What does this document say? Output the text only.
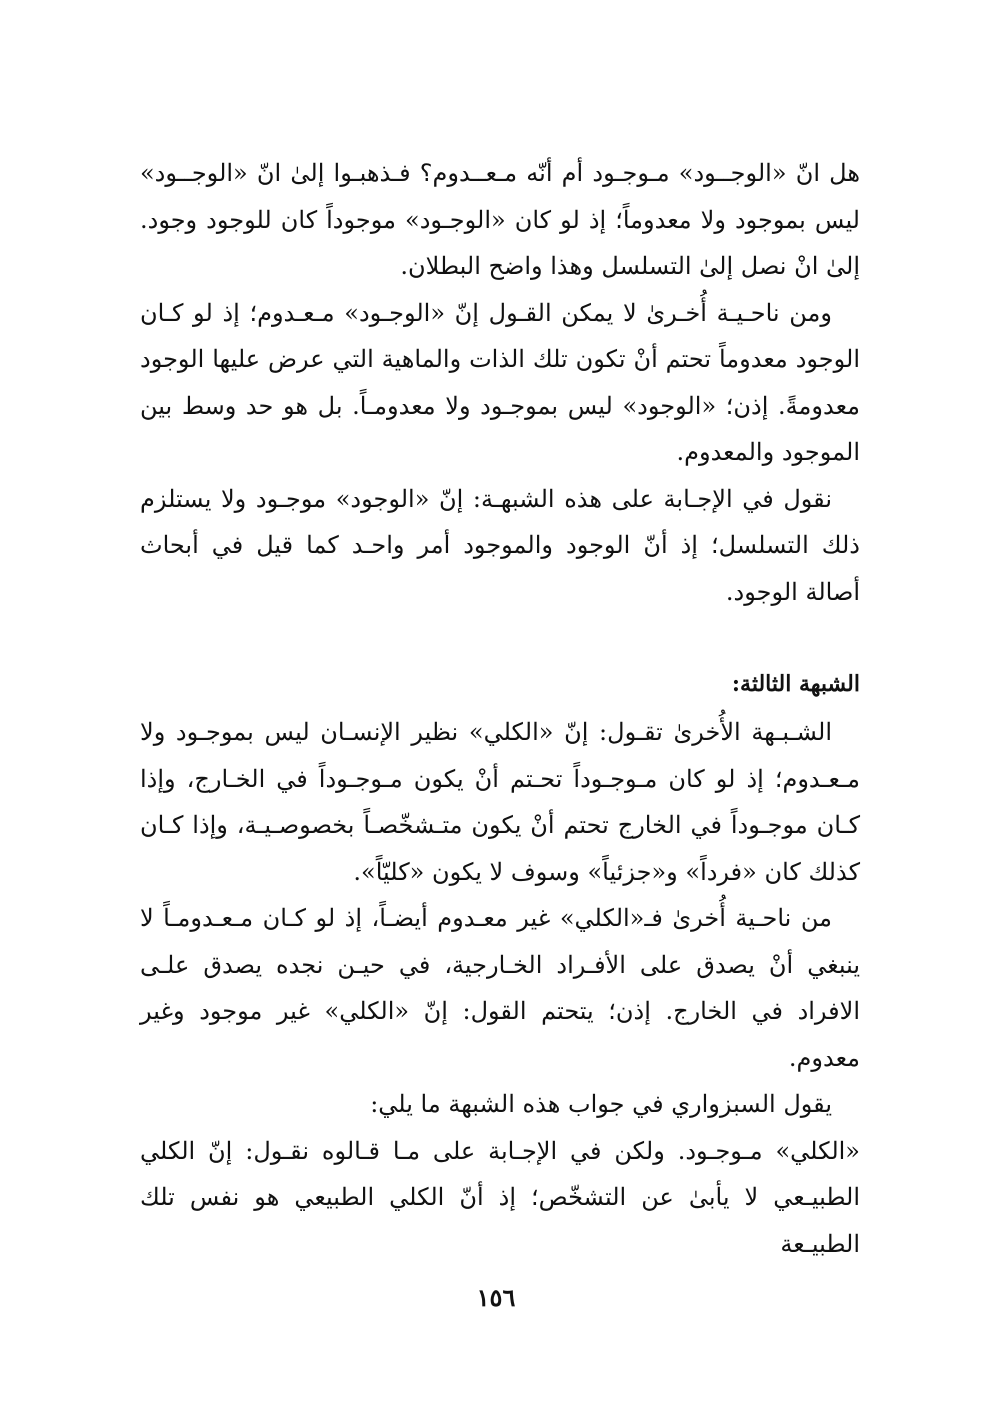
هل انّ «الوجــود» مـوجـود أم أنّه مـعــدوم؟ فـذهبـوا إلىٰ انّ «الوجــود» ليس بموجود ولا معدوماً؛ إذ لو كان «الوجـود» موجوداً كان للوجود وجود. إلىٰ انْ نصل إلىٰ التسلسل وهذا واضح البطلان.

ومن ناحـيـة أُخـرىٰ لا يمكن القـول إنّ «الوجـود» مـعـدوم؛ إذ لو كـان الوجود معدوماً تحتم أنْ تكون تلك الذات والماهية التي عرض عليها الوجود معدومةً. إذن؛ «الوجود» ليس بموجـود ولا معدومـاً. بل هو حد وسط بين الموجود والمعدوم.

نقول في الإجـابة على هذه الشبهـة: إنّ «الوجود» موجـود ولا يستلزم ذلك التسلسل؛ إذ أنّ الوجود والموجود أمر واحـد كما قيل في أبحاث أصالة الوجود.

الشبهة الثالثة:

الشـبـهة الأُخرىٰ تقـول: إنّ «الكلي» نظير الإنسـان ليس بموجـود ولا مـعـدوم؛ إذ لو كان مـوجـوداً تحـتم أنْ يكون مـوجـوداً في الخـارج، وإذا كـان موجـوداً في الخارج تحتم أنْ يكون متـشخّصـاً بخصوصـيـة، وإذا كـان كذلك كان «فرداً» و«جزئياً» وسوف لا يكون «كليّاً».

من ناحـية أُخرىٰ فـ«الكلي» غير معـدوم أيضـاً، إذ لو كـان مـعـدومـاً لا ينبغي أنْ يصدق على الأفـراد الخـارجية، في حيـن نجده يصدق علـى الافراد في الخارج. إذن؛ يتحتم القول: إنّ «الكلي» غير موجود وغير معدوم.

يقول السبزواري في جواب هذه الشبهة ما يلي:

«الكلي» مـوجـود. ولكن في الإجـابة على مـا قـالوه نقـول: إنّ الكلي الطبيـعي لا يأبىٰ عن التشخّص؛ إذ أنّ الكلي الطبيعي هو نفس تلك الطبيـعة

١٥٦
